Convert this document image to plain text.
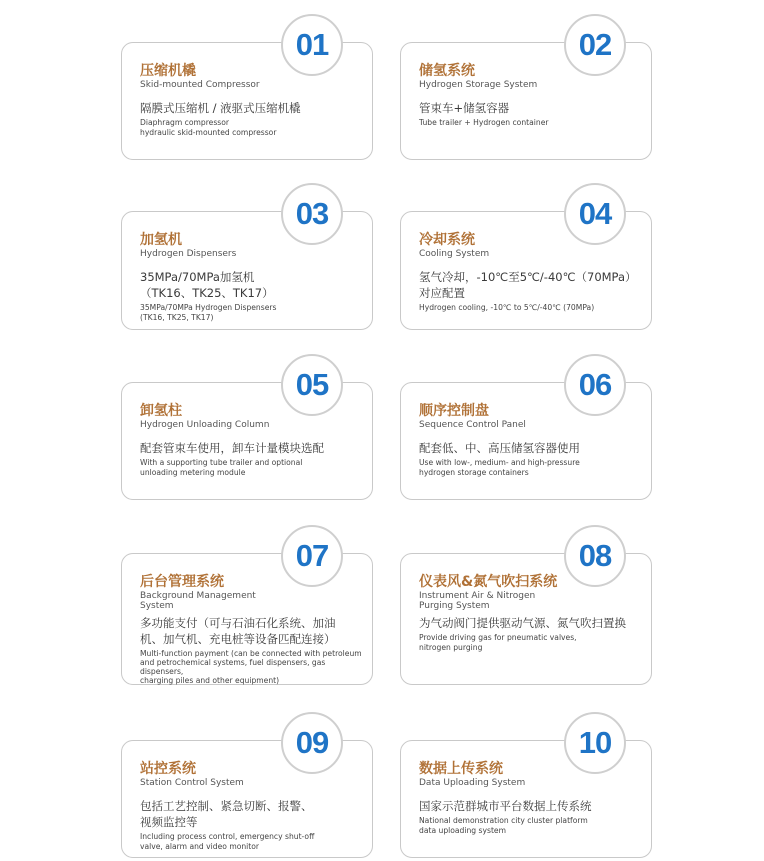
压缩机橇
Skid-mounted Compressor
隔膜式压缩机 / 液驱式压缩机橇
Diaphragm compressor
hydraulic skid-mounted compressor
01
储氢系统
Hydrogen Storage System
管束车+储氢容器
Tube trailer + Hydrogen container
02
加氢机
Hydrogen Dispensers
35MPa/70MPa加氢机
（TK16、TK25、TK17）
35MPa/70MPa Hydrogen Dispensers
(TK16, TK25, TK17)
03
冷却系统
Cooling System
氢气冷却，-10℃至5℃/-40℃（70MPa）
对应配置
Hydrogen cooling, -10℃ to 5℃/-40℃ (70MPa)
04
卸氢柱
Hydrogen Unloading Column
配套管束车使用，卸车计量模块选配
With a supporting tube trailer and optional
unloading metering module
05
顺序控制盘
Sequence Control Panel
配套低、中、高压储氢容器使用
Use with low-, medium- and high-pressure
hydrogen storage containers
06
后台管理系统
Background Management
System
多功能支付（可与石油石化系统、加油
机、加气机、充电桩等设备匹配连接）
Multi-function payment (can be connected with petroleum
and petrochemical systems, fuel dispensers, gas dispensers,
charging piles and other equipment)
07
仪表风&氮气吹扫系统
Instrument Air & Nitrogen
Purging System
为气动阀门提供驱动气源、氮气吹扫置换
Provide driving gas for pneumatic valves,
nitrogen purging
08
站控系统
Station Control System
包括工艺控制、紧急切断、报警、
视频监控等
Including process control, emergency shut-off
valve, alarm and video monitor
09
数据上传系统
Data Uploading System
国家示范群城市平台数据上传系统
National demonstration city cluster platform
data uploading system
10
